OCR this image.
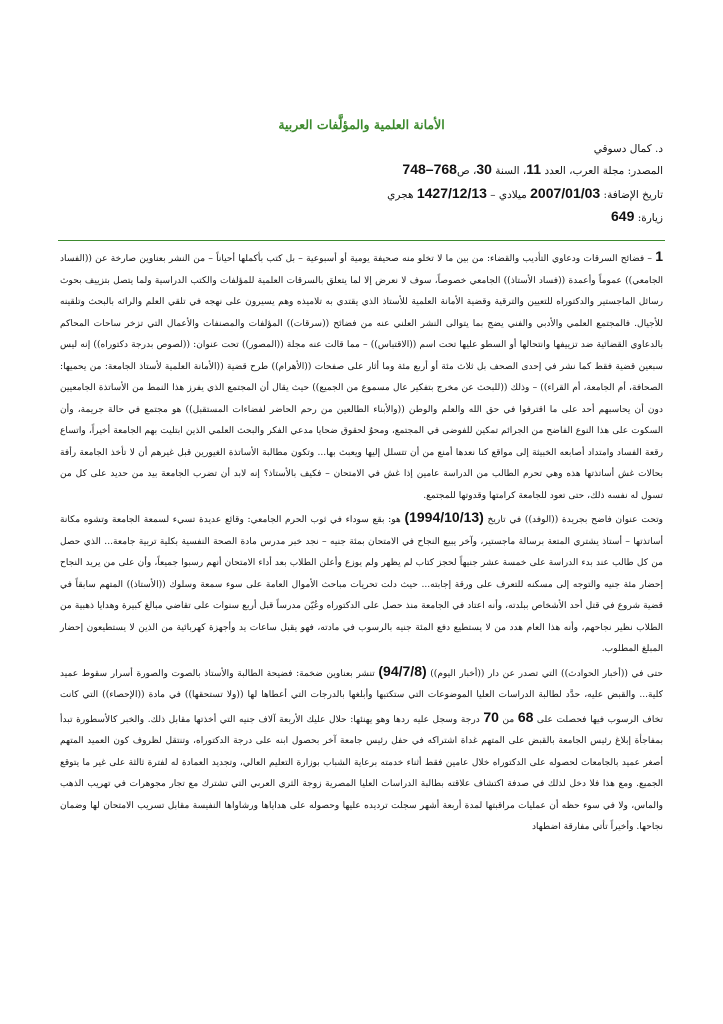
الأمانة العلمية والمؤلَّفات العربية
د. كمال دسوقي
المصدر: مجلة العرب، العدد 11، السنة 30، ص748–768
تاريخ الإضافة: 2007/01/03 ميلادي – 1427/12/13 هجري
زيارة: 649

1 – فضائح السرقات ودعاوي التأديب والقضاء: من بين ما لا تخلو منه صحيفة يومية أو أسبوعية – بل كتب بأكملها أحياناً – من النشر بعناوين صارخة عن ((الفساد الجامعي)) عموماً وأعمدة ((فساد الأستاذ)) الجامعي خصوصاً، سوف لا نعرض إلا لما يتعلق بالسرقات العلمية للمؤلفات والكتب الدراسية ولما يتصل بتزييف بحوث رسائل الماجستير والدكتوراه للتعيين والترقية وقضية الأمانة العلمية للأستاذ الذي يقتدي به تلاميذه وهم يسيرون على نهجه في تلقي العلم والرائه بالبحث وتلقينه للأجيال. فالمجتمع العلمي والأدبي والفني يضج بما يتوالى النشر العلني عنه من فضائح ((سرقات)) المؤلفات والمصنفات والأعمال التي تزخر ساحات المحاكم بالدعاوي القضائية ضد تزييفها وانتحالها أو السطو عليها تحت اسم ((الاقتباس)) – مما قالت عنه مجلة ((المصور)) تحت عنوان: ((لصوص بدرجة دكتوراه)) إنه ليس سبعين قضية فقط كما نشر في إحدى الصحف بل ثلاث مئة أو أربع مئة وما أثار على صفحات ((الأهرام)) طرح قضية ((الأمانة العلمية لأستاذ الجامعة: من يحميها: الصحافة، أم الجامعة، أم القراء)) – وذلك ((للبحث عن مخرج بتفكير عال مسموع من الجميع)) حيث يقال أن المجتمع الذي يفرز هذا النمط من الأساتذة الجامعيين دون أن يحاسبهم أحد على ما اقترفوا في حق الله والعلم والوطن ((والأبناء الطالعين من رحم الحاضر لفضاءات المستقبل)) هو مجتمع في حالة جريمة، وأن السكوت على هذا النوع الفاضح من الجرائم تمكين للفوضى في المجتمع، ومحوٌ لحقوق ضحايا مدعي الفكر والبحث العلمي الذين ابتليت بهم الجامعة أخيراً، واتساع رقعة الفساد وامتداد أصابعه الخبيثة إلى مواقع كنا نعدها أمنع من أن تتسلل إليها ويعبث بها... وتكون مطالبة الأساتذة الغيورين قبل غيرهم أن لا تأخذ الجامعة رأفة بحالات غش أساتذتها هذه وهي تحرم الطالب من الدراسة عامين إذا غش في الامتحان – فكيف بالأستاذ؟ إنه لابد أن تضرب الجامعة بيد من حديد على كل من تسول له نفسه ذلك، حتى تعود للجامعة كرامتها وقدوتها للمجتمع.

وتحت عنوان فاضح بجريدة ((الوفد)) في تاريخ (1994/10/13) هو: بقع سوداء في ثوب الحرم الجامعي: وقائع عديدة تسيء لسمعة الجامعة وتشوه مكانة أساتذتها – أستاذ يشتري المتعة برسالة ماجستير، وآخر يبيع النجاح في الامتحان بمئة جنيه – نجد خبر مدرس مادة الصحة النفسية بكلية تربية جامعة... الذي حصل من كل طالب عند بدء الدراسة على خمسة عشر جنيهاً لحجز كتاب لم يظهر ولم يوزع وأعلن الطلاب بعد أداء الامتحان أنهم رسبوا جميعاً، وأن على من يريد النجاح إحضار مئة جنيه والتوجه إلى مسكنه للتعرف على ورقة إجابته... حيث دلت تحريات مباحث الأموال العامة على سوء سمعة وسلوك ((الأستاذ)) المتهم سابقاً في قضية شروع في قتل أحد الأشخاص ببلدته، وأنه اعتاد في الجامعة منذ حصل على الدكتوراه وعُيّن مدرساً قبل أربع سنوات على تقاضي مبالغ كبيرة وهدايا ذهبية من الطلاب نظير نجاحهم، وأنه هذا العام هدد من لا يستطيع دفع المئة جنيه بالرسوب في مادته، فهو يقبل ساعات يد وأجهزة كهربائية من الذين لا يستطيعون إحضار المبلغ المطلوب.

حتى في ((أخبار الحوادث)) التي تصدر عن دار ((أخبار اليوم)) (94/7/8) تنشر بعناوين ضخمة: فضيحة الطالبة والأستاذ بالصوت والصورة أسرار سقوط عميد كلية... والقبض عليه، حدَّد لطالبة الدراسات العليا الموضوعات التي ستكتبها وأبلغها بالدرجات التي أعطاها لها ((ولا تستحقها)) في مادة ((الإحصاء)) التي كانت تخاف الرسوب فيها فحصلت على 68 من 70 درجة وسجل عليه ردها وهو يهنئها: حلال عليك الأربعة آلاف جنيه التي أخذتها مقابل ذلك. والخبر كالأسطورة تبدأ بمفاجأة إبلاغ رئيس الجامعة بالقبض على المتهم غداة اشتراكه في حفل رئيس جامعة آخر بحصول ابنه على درجة الدكتوراه، وتنتقل لظروف كون العميد المتهم أصغر عميد بالجامعات لحصوله على الدكتوراه خلال عامين فقط أثناء خدمته برعاية الشباب بوزارة التعليم العالي، وتجديد العمادة له لفترة ثالثة على غير ما يتوقع الجميع. ومع هذا فلا دخل لذلك في صدفة اكتشاف علاقته بطالبة الدراسات العليا المصرية زوجة الثري العربي التي تشترك مع تجار مجوهرات في تهريب الذهب والماس، ولا في سوء حظه أن عمليات مراقبتها لمدة أربعة أشهر سجلت ترديده عليها وحصوله على هداياها ورشاواها النفيسة مقابل تسريب الامتحان لها وضمان نجاحها. وأخيراً تأتي مفارقة اضطهاد
